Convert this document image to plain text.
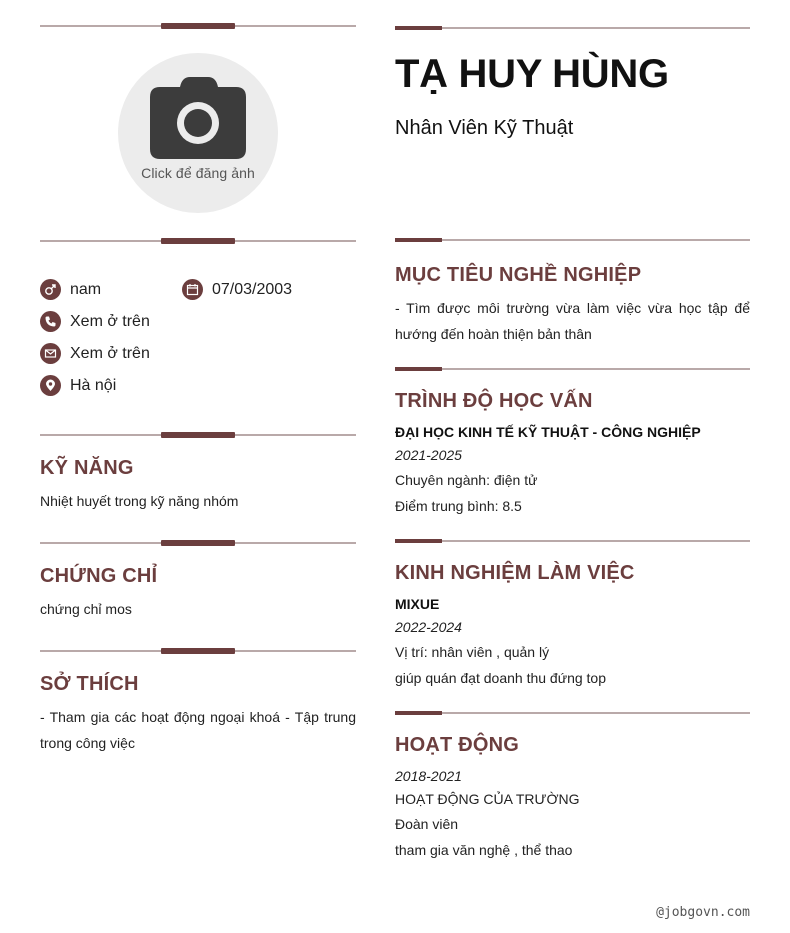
Click để đăng ảnh
nam	07/03/2003
Xem ở trên
Xem ở trên
Hà nội
KỸ NĂNG
Nhiệt huyết trong kỹ năng nhóm
CHỨNG CHỈ
chứng chỉ mos
SỞ THÍCH
- Tham gia các hoạt động ngoại khoá - Tập trung trong công việc
TẠ HUY HÙNG
Nhân Viên Kỹ Thuật
MỤC TIÊU NGHỀ NGHIỆP
- Tìm được môi trường vừa làm việc vừa học tập để hướng đến hoàn thiện bản thân
TRÌNH ĐỘ HỌC VẤN
ĐẠI HỌC KINH TẾ KỸ THUẬT - CÔNG NGHIỆP
2021-2025
Chuyên ngành: điện tử
Điểm trung bình: 8.5
KINH NGHIỆM LÀM VIỆC
MIXUE
2022-2024
Vị trí: nhân viên , quản lý
giúp quán đạt doanh thu đứng top
HOẠT ĐỘNG
2018-2021
HOẠT ĐỘNG CỦA TRƯỜNG
Đoàn viên
tham gia văn nghệ , thể thao
@jobgovn.com
